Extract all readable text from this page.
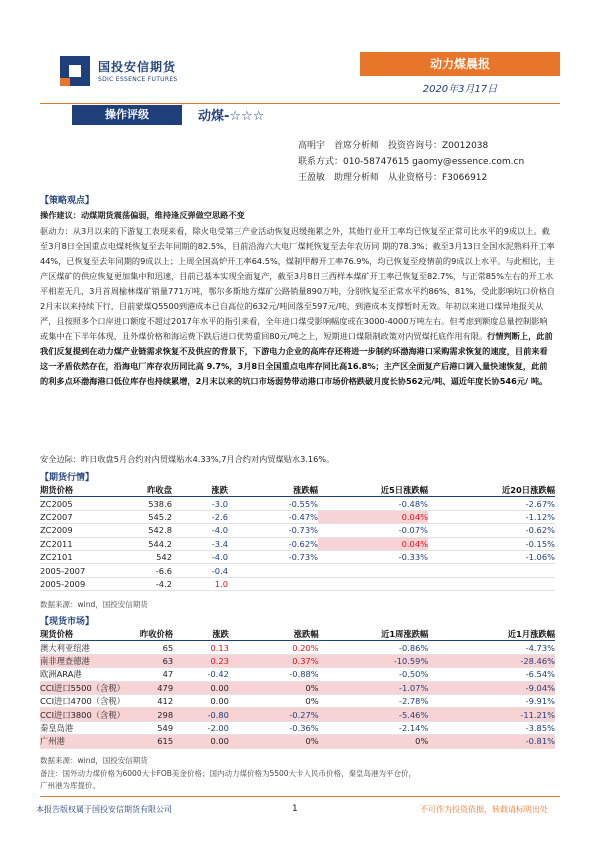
国投安信期货
SDIC ESSENCE FUTURES
动力煤晨报
2020年3月17日
操作评级	动煤-☆☆☆
高明宇　首席分析师　投资咨询号：Z0012038
联系方式：010-58747615 gaomy@essence.com.cn
王盈敏　助理分析师　从业资格号：F3066912
【策略观点】
操作建议：动煤期货震荡偏弱，维持逢反弹做空思路不变
驱动力：从3月以来的下游复工表现来看，除火电受第三产业活动恢复迟缓拖累之外，其他行业开工率均已恢复至正常可比水平的9成以上。截至3月8日全国重点电煤耗恢复至去年同期的82.5%，目前沿海六大电厂煤耗恢复至去年农历同 期的78.3%；截至3月13日全国水泥熟料开工率44%，已恢复至去年同期的9成以上；上周全国高炉开工率64.5%，煤制甲醇开工率76.9%，均已恢复至疫情前的9成以上水平。与此相比，主产区煤矿的供应恢复更加集中和迅速，目前已基本实现全面复产，截至3月8日三西样本煤矿开工率已恢复至82.7%，与正常85%左右的开工水平相差无几，3月首周榆林煤矿销量771万吨，鄂尔多斯地方煤矿公路销量890万吨，分别恢复至正常水平约86%、81%，受此影响坑口价格自2月末以来持续下行，目前蒙煤Q5500到港成本已自高位的632元/吨回落至597元/吨，到港成本支撑暂时无效。年初以来进口煤异地报关从严，且按照多个口岸进口额度不超过2017年水平的指引来看，全年进口煤受影响幅度或在3000-4000万吨左右。但考虑到额度总量控制影响或集中在下半年体现，且外煤价格和海运费下跌后进口优势重回80元/吨之上，短期进口煤限制政策对内贸煤托底作用有限。行情判断上，此前我们反复提到在动力煤产业链需求恢复不及供应的背景下，下游电力企业的高库存还将进一步制约环渤海港口采购需求恢复的速度，目前来看这一矛盾依然存在，沿海电厂库存农历同比高 9.7%，3月8日全国重点电库存同比高16.8%；主产区全面复产后港口调入量快速恢复，此前的利多点环渤海港口低位库存也持续累增，2月末以来的坑口市场弱势带动港口市场价格跌破月度长协562元/吨、逼近年度长协546元/ 吨。
安全边际：昨日收盘5月合约对内贸煤贴水4.33%,7月合约对内贸煤贴水3.16%。
【期货行情】
期货价格	昨收盘	涨跌	涨跌幅	近5日涨跌幅	近20日涨跌幅
ZC2005	538.6	-3.0	-0.55%	-0.48%	-2.67%
ZC2007	545.2	-2.6	-0.47%	0.04%	-1.12%
ZC2009	542.8	-4.0	-0.73%	-0.07%	-0.62%
ZC2011	544.2	-3.4	-0.62%	0.04%	-0.15%
ZC2101	542	-4.0	-0.73%	-0.33%	-1.06%
2005-2007	-6.6	-0.4			
2005-2009	-4.2	1.0			
数据来源：wind，国投安信期货
【现货市场】
现货价格	昨收价格	涨跌	涨跌幅	近1周涨跌幅	近1月涨跌幅
澳大利亚纽港	65	0.13	0.20%	-0.86%	-4.73%
南非理查德港	63	0.23	0.37%	-10.59%	-28.46%
欧洲ARA港	47	-0.42	-0.88%	-0.50%	-6.54%
CCI进口5500（含税）	479	0.00	0%	-1.07%	-9.04%
CCI进口4700（含税）	412	0.00	0%	-2.78%	-9.91%
CCI进口3800（含税）	298	-0.80	-0.27%	-5.46%	-11.21%
秦皇岛港	549	-2.00	-0.36%	-2.14%	-3.85%
广州港	615	0.00	0%	0%	-0.81%
数据来源：wind，国投安信期货
备注：国外动力煤价格为6000大卡FOB美金价格；国内动力煤价格为5500大卡人民币价格，秦皇岛港为平仓价，
广州港为库提价。
本报告版权属于国投安信期货有限公司	1	不可作为投资依据，转载请标明出处
